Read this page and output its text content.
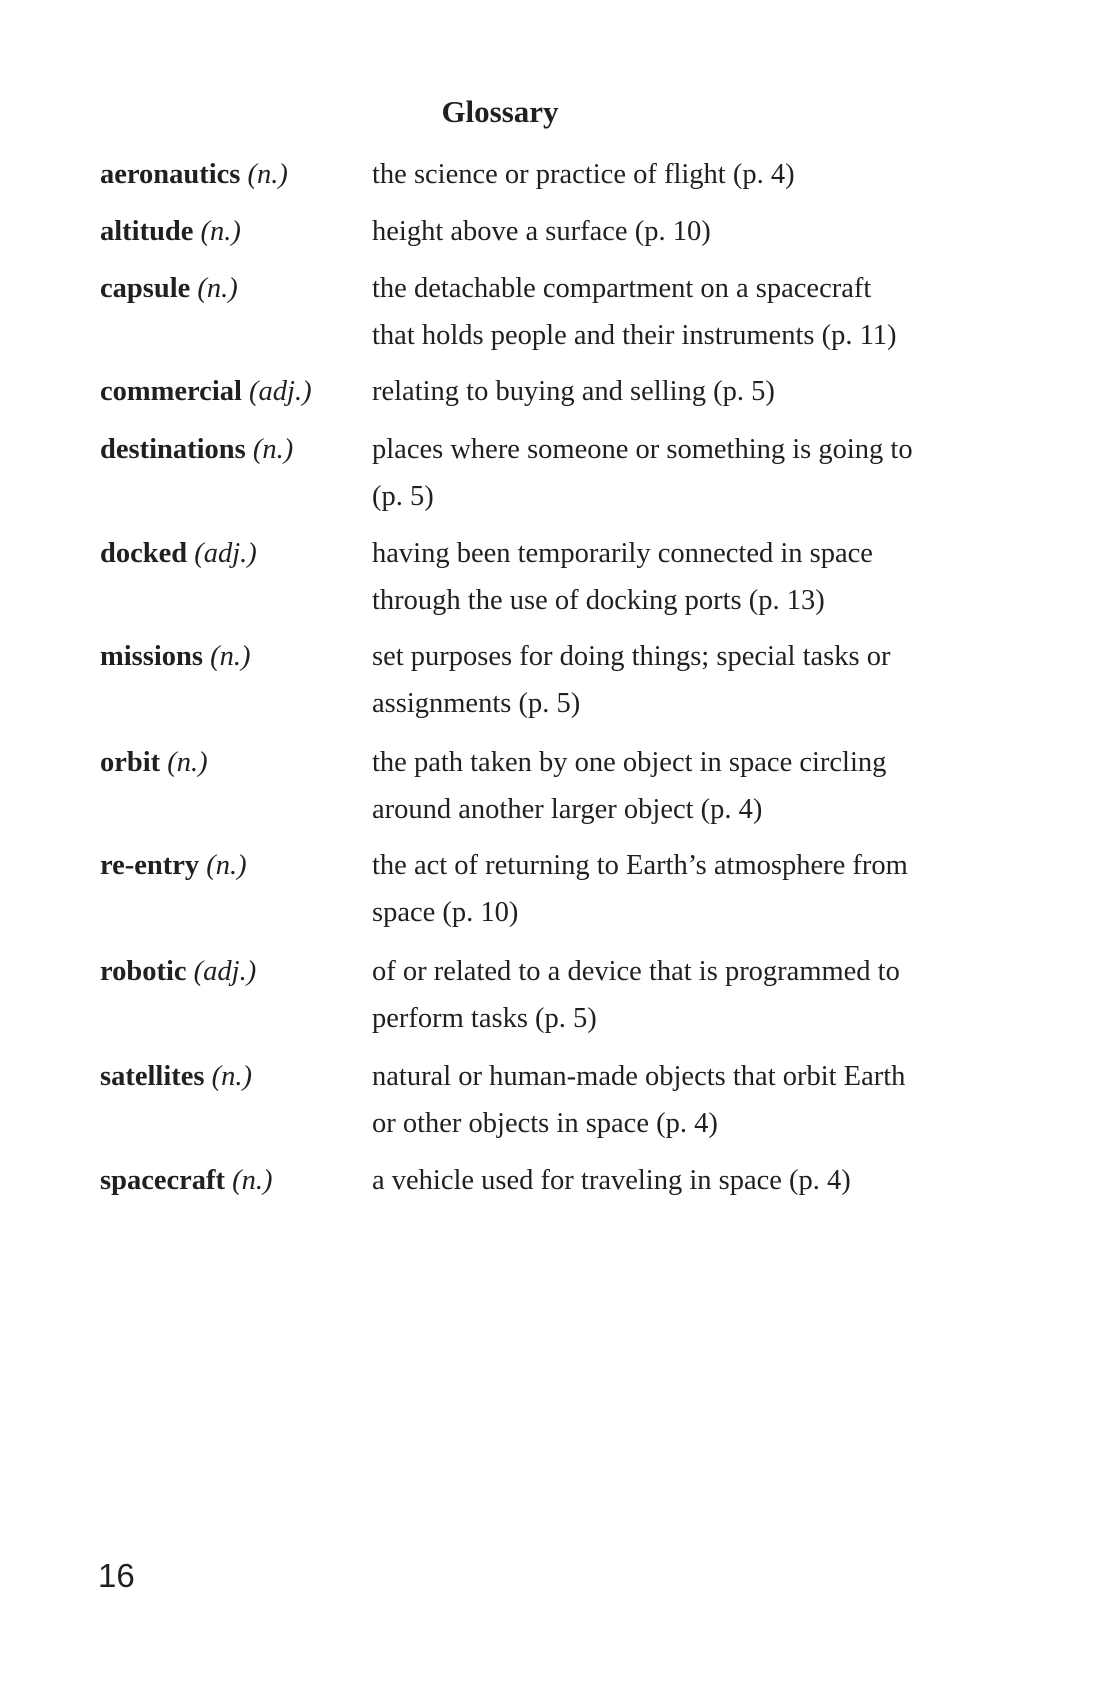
Glossary
aeronautics (n.)	the science or practice of flight (p. 4)
altitude (n.)	height above a surface (p. 10)
capsule (n.)	the detachable compartment on a spacecraft that holds people and their instruments (p. 11)
commercial (adj.)	relating to buying and selling (p. 5)
destinations (n.)	places where someone or something is going to (p. 5)
docked (adj.)	having been temporarily connected in space through the use of docking ports (p. 13)
missions (n.)	set purposes for doing things; special tasks or assignments (p. 5)
orbit (n.)	the path taken by one object in space circling around another larger object (p. 4)
re-entry (n.)	the act of returning to Earth’s atmosphere from space (p. 10)
robotic (adj.)	of or related to a device that is programmed to perform tasks (p. 5)
satellites (n.)	natural or human-made objects that orbit Earth or other objects in space (p. 4)
spacecraft (n.)	a vehicle used for traveling in space (p. 4)
16
